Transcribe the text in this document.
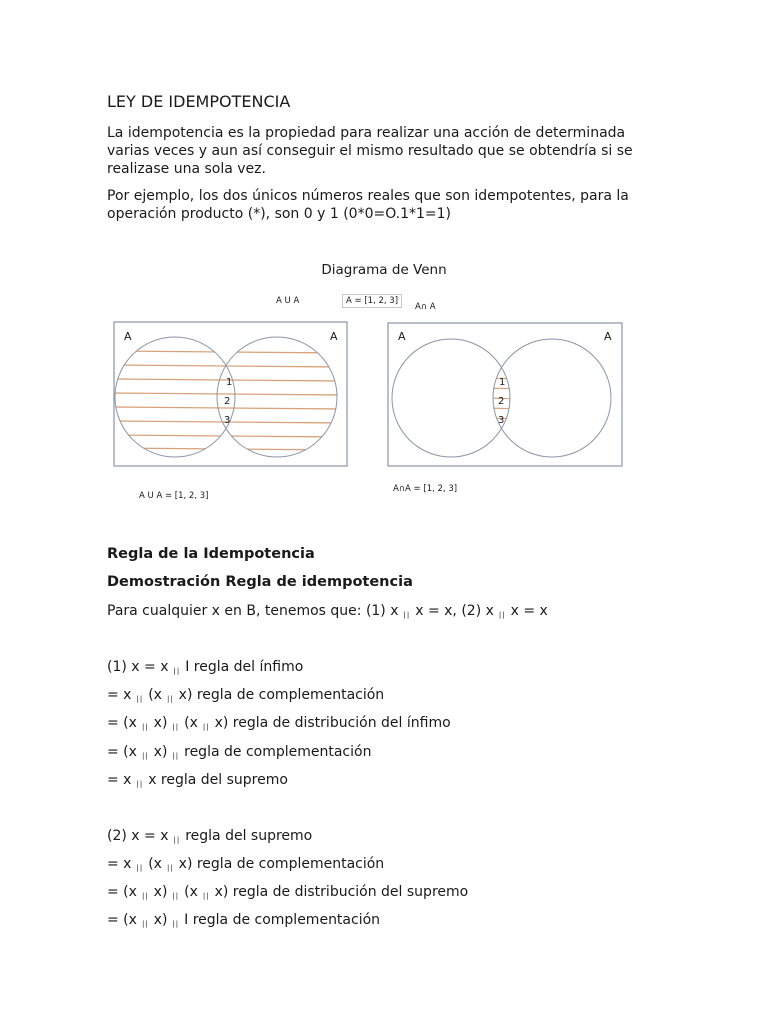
LEY DE IDEMPOTENCIA
La idempotencia es la propiedad para realizar una acción de determinada varias veces y aun así conseguir el mismo resultado que se obtendría si se realizase una sola vez.
Por ejemplo, los dos únicos números reales que son idempotentes, para la operación producto (*), son 0 y 1 (0*0=O.1*1=1)
Diagrama de Venn
A U A	A = [1, 2, 3]
A∩ A
A	A	A	A
1
2
3
1
2
3
A U A = [1, 2, 3]
A∩A = [1, 2, 3]
Regla de la Idempotencia
Demostración Regla de idempotencia
Para cualquier x en B, tenemos que: (1) x $_{||}$ x = x, (2) x $_{||}$ x = x
(1) x = x $_{||}$ I regla del ínfimo
= x $_{||}$ (x $_{||}$ x) regla de complementación
= (x $_{||}$ x) $_{||}$ (x $_{||}$ x) regla de distribución del ínfimo
= (x $_{||}$ x) $_{||}$ regla de complementación
= x $_{||}$ x regla del supremo
(2) x = x $_{||}$ regla del supremo
= x $_{||}$ (x $_{||}$ x) regla de complementación
= (x $_{||}$ x) $_{||}$ (x $_{||}$ x) regla de distribución del supremo
= (x $_{||}$ x) $_{||}$ I regla de complementación
